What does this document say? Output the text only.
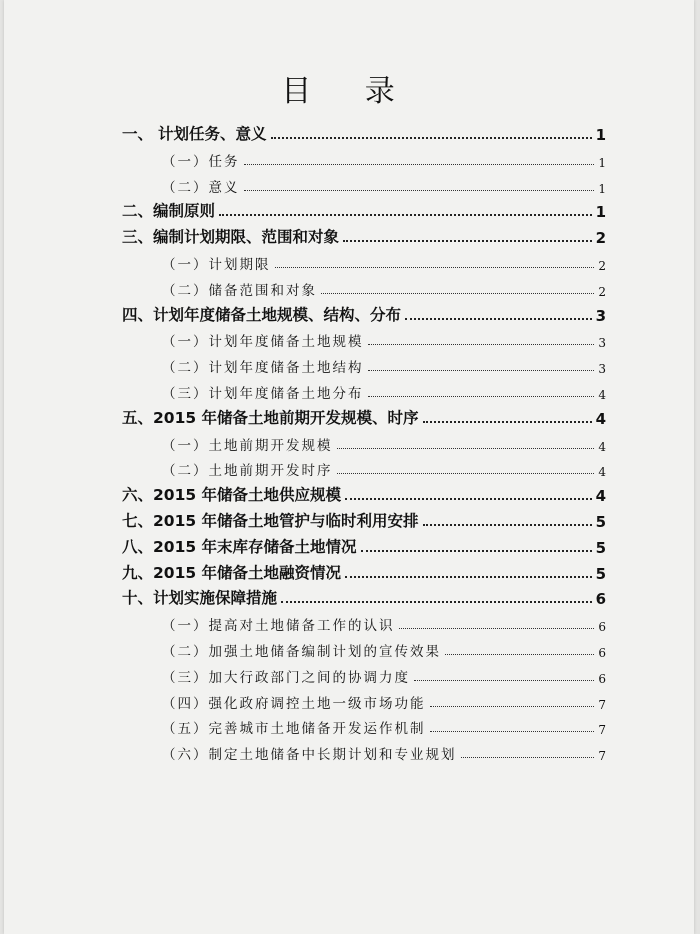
目 录
一、 计划任务、意义	1
（一） 任务	1
（二） 意义	1
二、 编制原则	1
三、 编制计划期限、范围和对象	2
（一） 计划期限	2
（二） 储备范围和对象	2
四、 计划年度储备土地规模、结构、分布	3
（一） 计划年度储备土地规模	3
（二） 计划年度储备土地结构	3
（三） 计划年度储备土地分布	4
五、 2015 年储备土地前期开发规模、时序	4
（一） 土地前期开发规模	4
（二） 土地前期开发时序	4
六、 2015 年储备土地供应规模	4
七、 2015 年储备土地管护与临时利用安排	5
八、 2015 年末库存储备土地情况	5
九、 2015 年储备土地融资情况	5
十、 计划实施保障措施	6
（一） 提高对土地储备工作的认识	6
（二） 加强土地储备编制计划的宣传效果	6
（三） 加大行政部门之间的协调力度	6
（四） 强化政府调控土地一级市场功能	7
（五） 完善城市土地储备开发运作机制	7
（六） 制定土地储备中长期计划和专业规划	7
